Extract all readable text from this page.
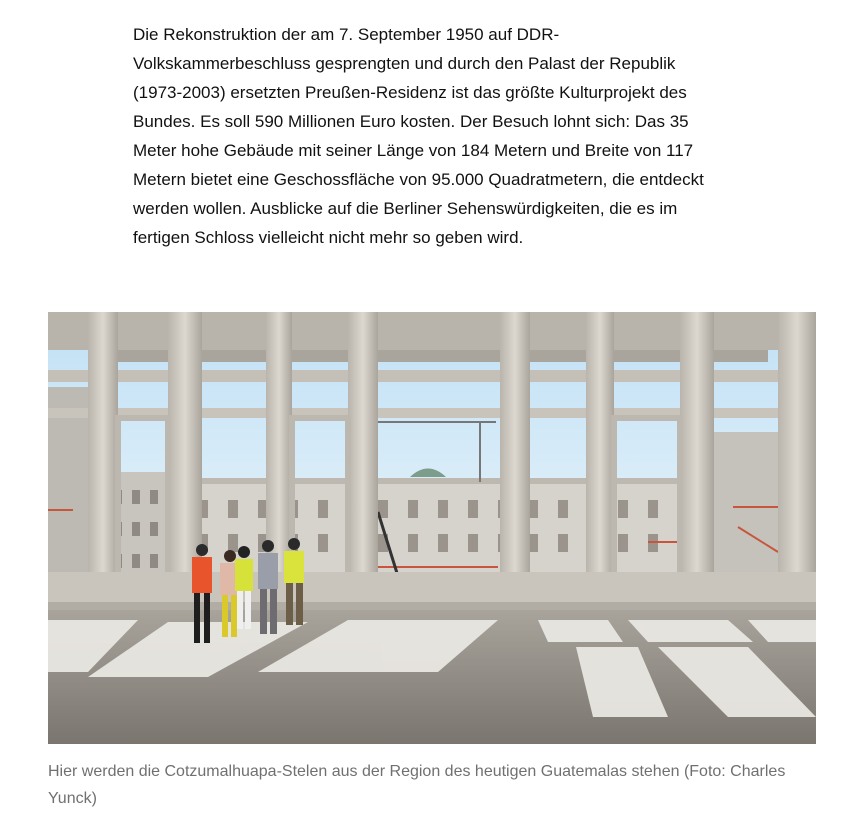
Die Rekonstruktion der am 7. September 1950 auf DDR-Volkskammerbeschluss gesprengten und durch den Palast der Republik (1973-2003) ersetzten Preußen-Residenz ist das größte Kulturprojekt des Bundes. Es soll 590 Millionen Euro kosten. Der Besuch lohnt sich: Das 35 Meter hohe Gebäude mit seiner Länge von 184 Metern und Breite von 117 Metern bietet eine Geschossfläche von 95.000 Quadratmetern, die entdeckt werden wollen. Ausblicke auf die Berliner Sehenswürdigkeiten, die es im fertigen Schloss vielleicht nicht mehr so geben wird.

Hier werden die Cotzumalhuapa-Stelen aus der Region des heutigen Guatemalas stehen (Foto: Charles Yunck)
